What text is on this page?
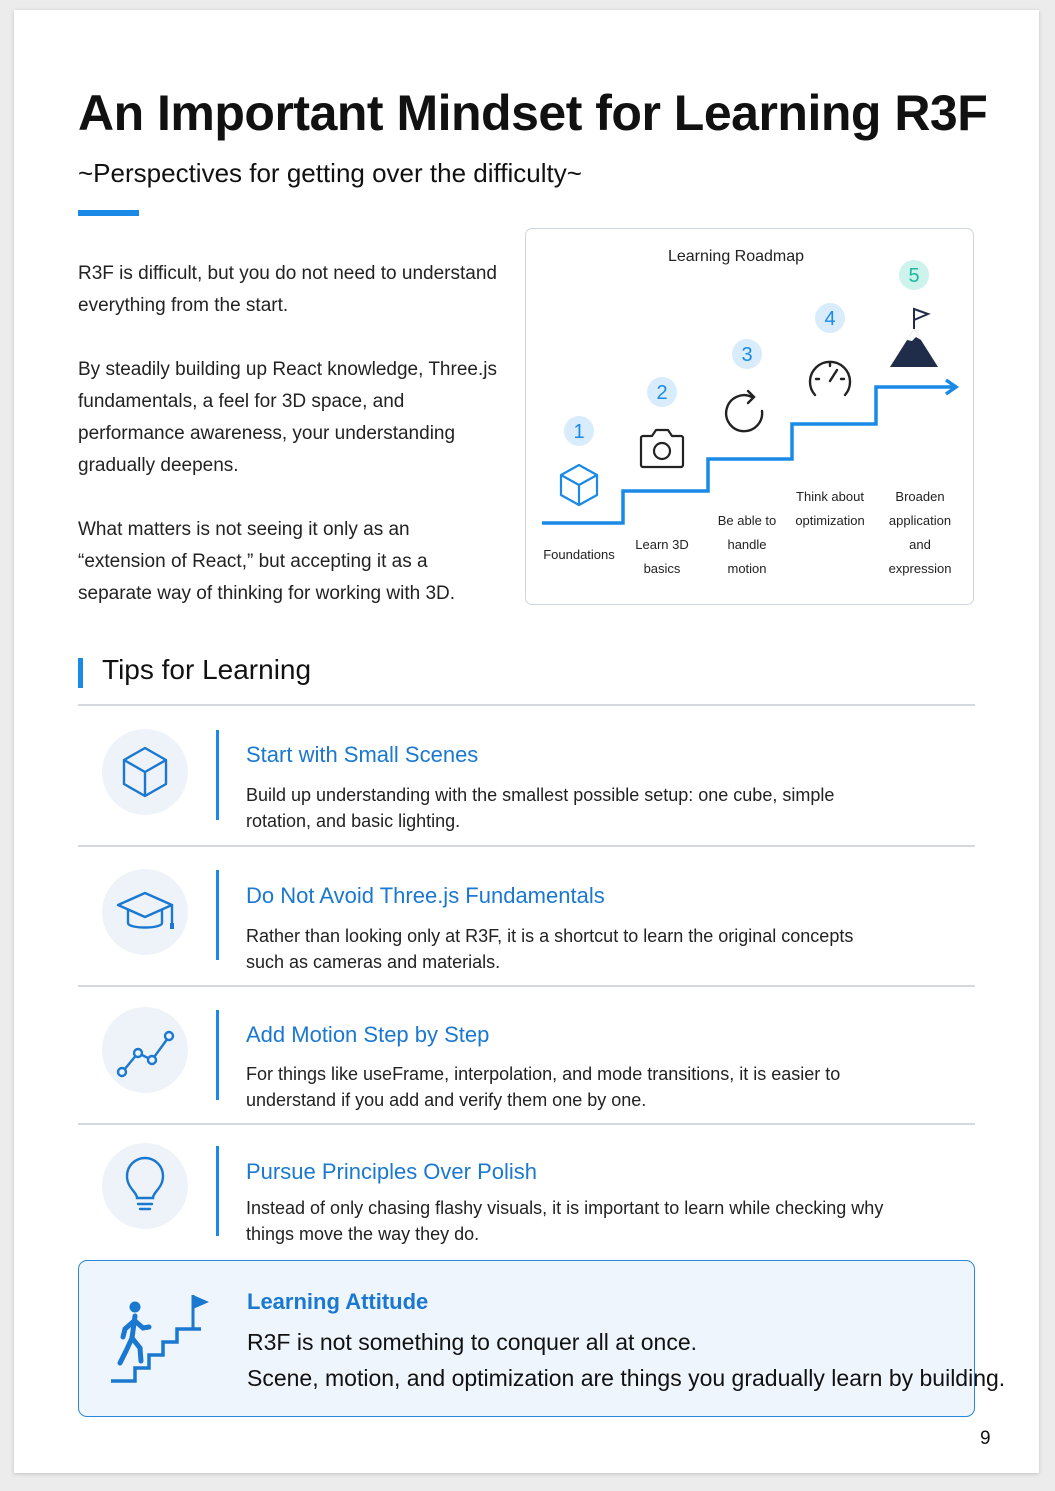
An Important Mindset for Learning R3F

~Perspectives for getting over the difficulty~

R3F is difficult, but you do not need to understand everything from the start.

By steadily building up React knowledge, Three.js fundamentals, a feel for 3D space, and performance awareness, your understanding gradually deepens.

What matters is not seeing it only as an “extension of React,” but accepting it as a separate way of thinking for working with 3D.

Learning Roadmap
1
Foundations
2
Learn 3D
basics
3
Be able to
handle
motion
4
Think about
optimization
5
Broaden
application
and
expression
Tips for Learning
Start with Small Scenes

Build up understanding with the smallest possible setup: one cube, simple rotation, and basic lighting.

Do Not Avoid Three.js Fundamentals

Rather than looking only at R3F, it is a shortcut to learn the original concepts such as cameras and materials.

Add Motion Step by Step

For things like useFrame, interpolation, and mode transitions, it is easier to understand if you add and verify them one by one.

Pursue Principles Over Polish

Instead of only chasing flashy visuals, it is important to learn while checking why things move the way they do.

Learning Attitude

R3F is not something to conquer all at once.

Scene, motion, and optimization are things you gradually learn by building.

9
